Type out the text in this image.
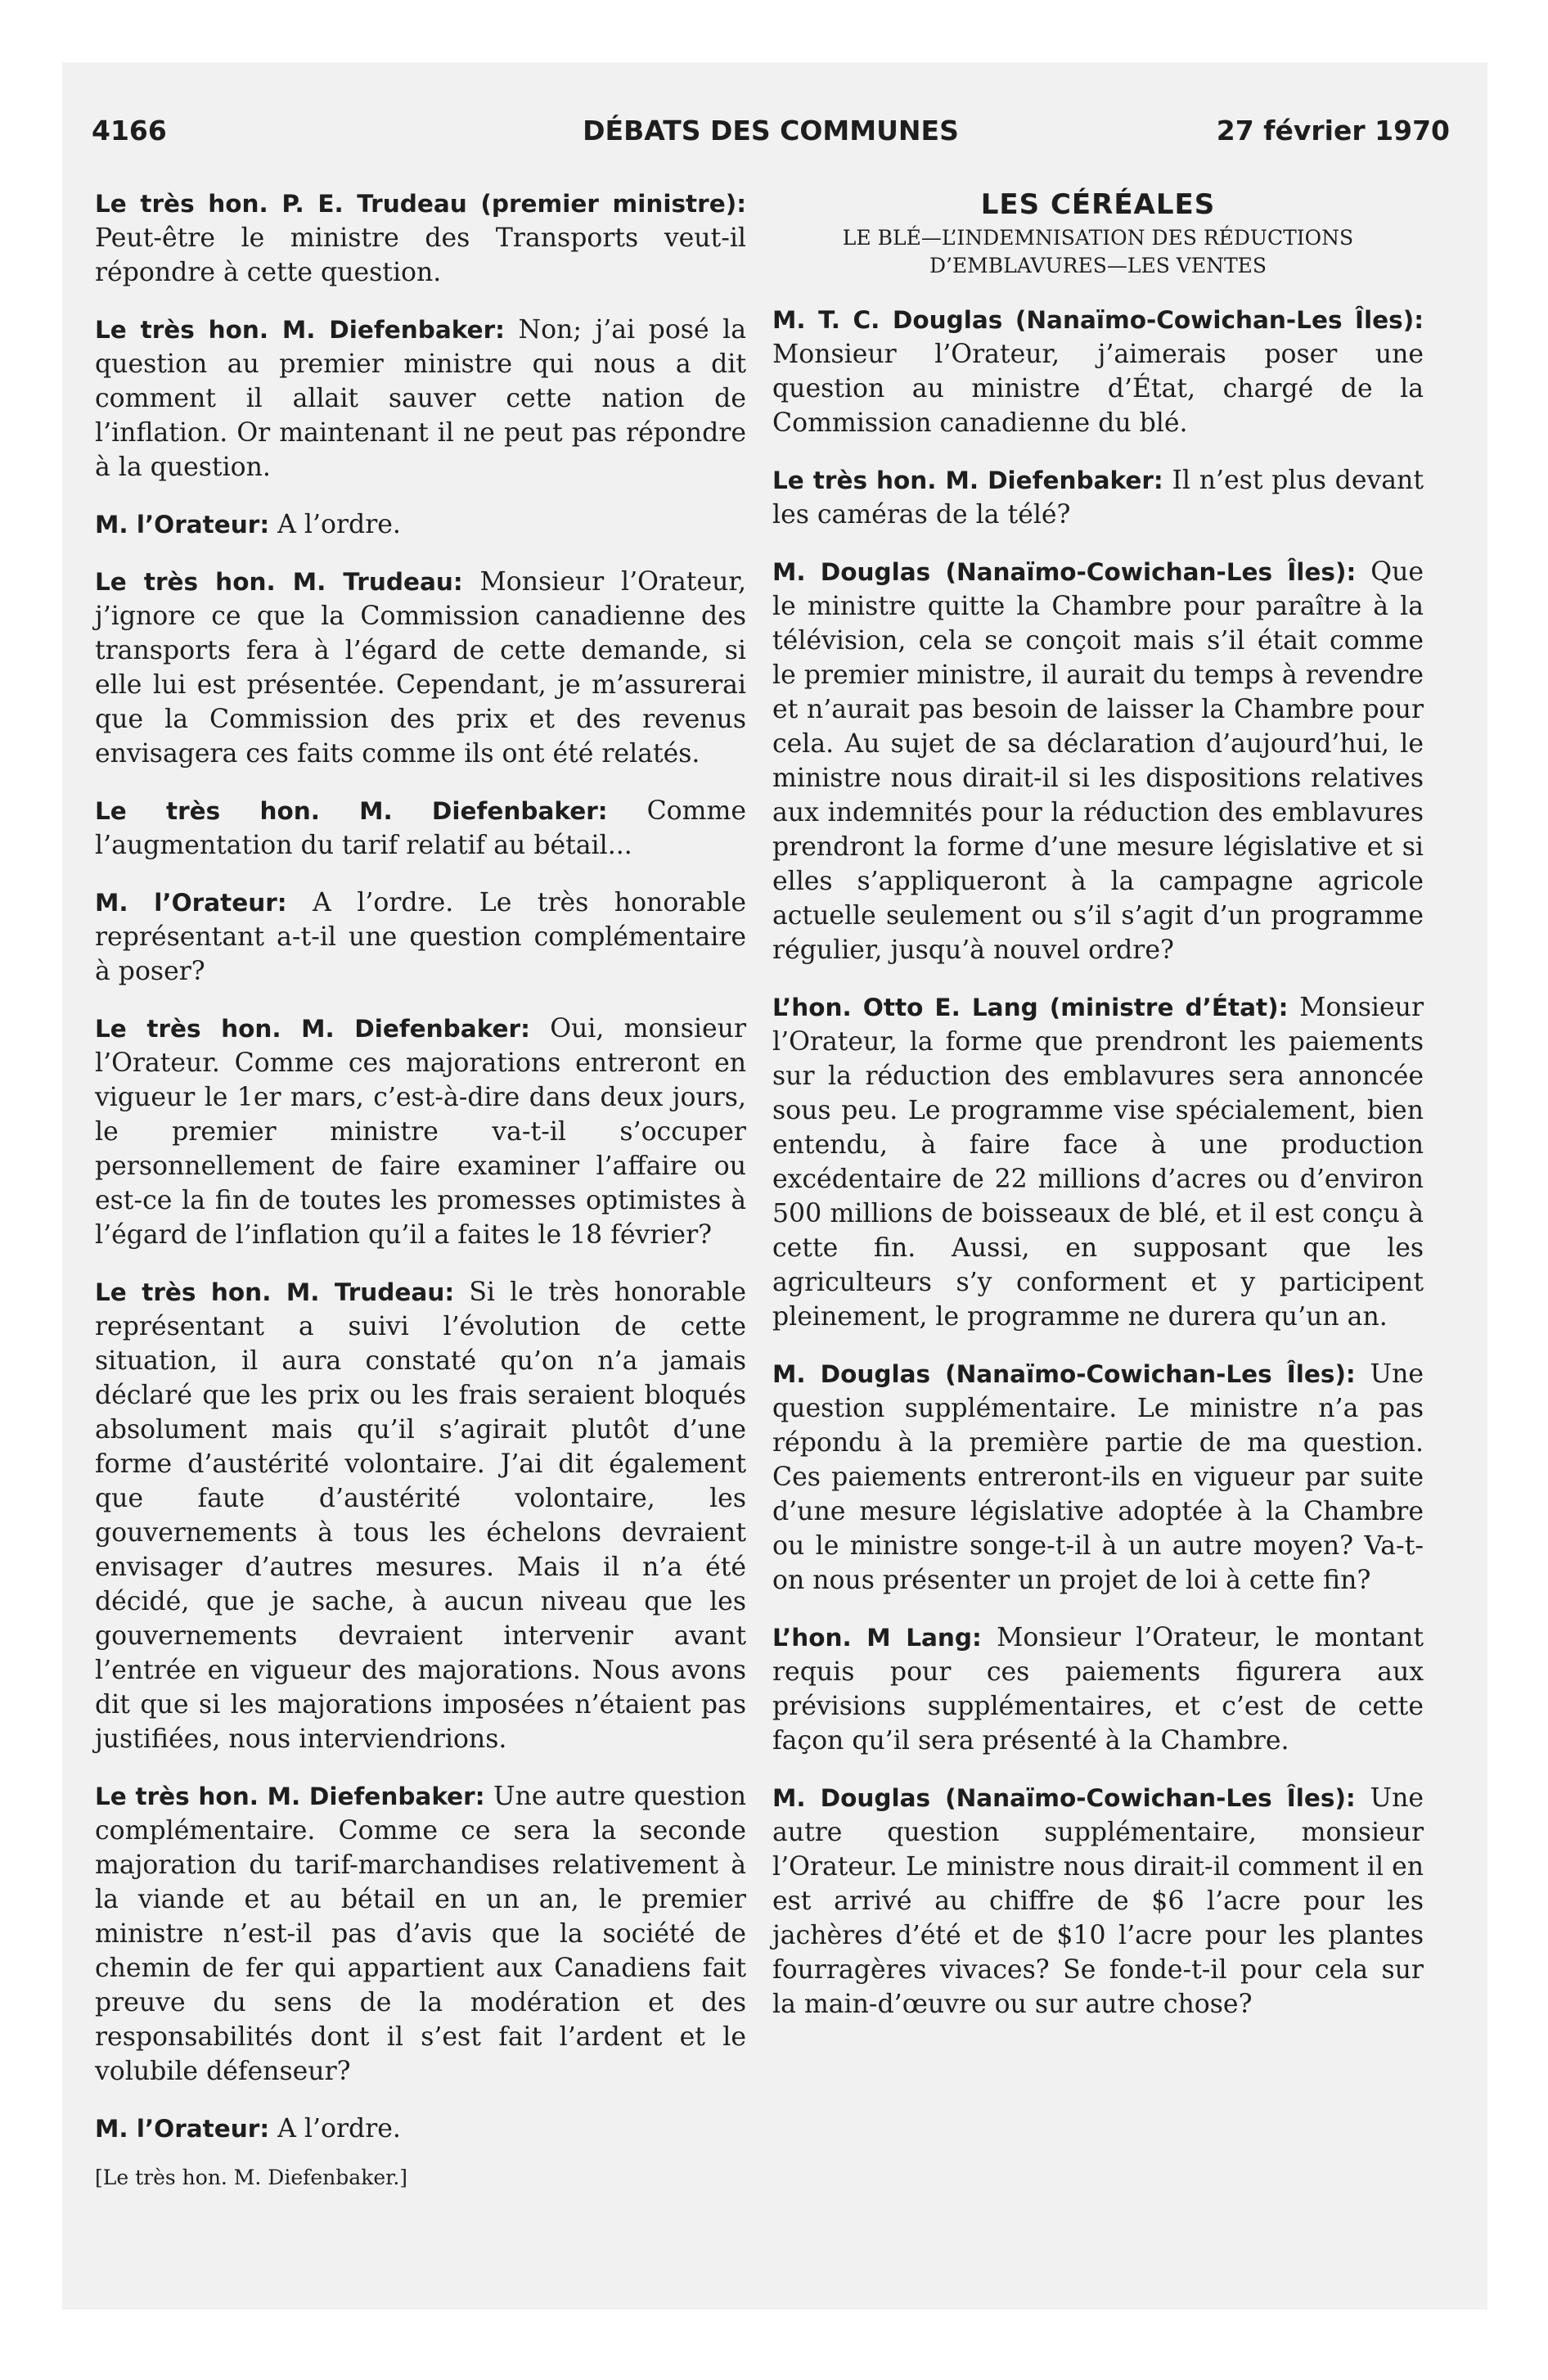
DÉBATS DES COMMUNES
4166	27 février 1970

Le très hon. P. E. Trudeau (premier ministre): Peut-être le ministre des Transports veut-il répondre à cette question.

Le très hon. M. Diefenbaker: Non; j’ai posé la question au premier ministre qui nous a dit comment il allait sauver cette nation de l’inflation. Or maintenant il ne peut pas répondre à la question.

M. l’Orateur: A l’ordre.

Le très hon. M. Trudeau: Monsieur l’Orateur, j’ignore ce que la Commission canadienne des transports fera à l’égard de cette demande, si elle lui est présentée. Cependant, je m’assurerai que la Commission des prix et des revenus envisagera ces faits comme ils ont été relatés.

Le très hon. M. Diefenbaker: Comme l’augmentation du tarif relatif au bétail...

M. l’Orateur: A l’ordre. Le très honorable représentant a-t-il une question complémentaire à poser?

Le très hon. M. Diefenbaker: Oui, monsieur l’Orateur. Comme ces majorations entreront en vigueur le 1er mars, c’est-à-dire dans deux jours, le premier ministre va-t-il s’occuper personnellement de faire examiner l’affaire ou est-ce la fin de toutes les promesses optimistes à l’égard de l’inflation qu’il a faites le 18 février?

Le très hon. M. Trudeau: Si le très honorable représentant a suivi l’évolution de cette situation, il aura constaté qu’on n’a jamais déclaré que les prix ou les frais seraient bloqués absolument mais qu’il s’agirait plutôt d’une forme d’austérité volontaire. J’ai dit également que faute d’austérité volontaire, les gouvernements à tous les échelons devraient envisager d’autres mesures. Mais il n’a été décidé, que je sache, à aucun niveau que les gouvernements devraient intervenir avant l’entrée en vigueur des majorations. Nous avons dit que si les majorations imposées n’étaient pas justifiées, nous interviendrions.

Le très hon. M. Diefenbaker: Une autre question complémentaire. Comme ce sera la seconde majoration du tarif-marchandises relativement à la viande et au bétail en un an, le premier ministre n’est-il pas d’avis que la société de chemin de fer qui appartient aux Canadiens fait preuve du sens de la modération et des responsabilités dont il s’est fait l’ardent et le volubile défenseur?

M. l’Orateur: A l’ordre.

[Le très hon. M. Diefenbaker.]
LES CÉRÉALES
LE BLÉ—L’INDEMNISATION DES RÉDUCTIONS
D’EMBLAVURES—LES VENTES

M. T. C. Douglas (Nanaïmo-Cowichan-Les Îles): Monsieur l’Orateur, j’aimerais poser une question au ministre d’État, chargé de la Commission canadienne du blé.

Le très hon. M. Diefenbaker: Il n’est plus devant les caméras de la télé?

M. Douglas (Nanaïmo-Cowichan-Les Îles): Que le ministre quitte la Chambre pour paraître à la télévision, cela se conçoit mais s’il était comme le premier ministre, il aurait du temps à revendre et n’aurait pas besoin de laisser la Chambre pour cela. Au sujet de sa déclaration d’aujourd’hui, le ministre nous dirait-il si les dispositions relatives aux indemnités pour la réduction des emblavures prendront la forme d’une mesure législative et si elles s’appliqueront à la campagne agricole actuelle seulement ou s’il s’agit d’un programme régulier, jusqu’à nouvel ordre?

L’hon. Otto E. Lang (ministre d’État): Monsieur l’Orateur, la forme que prendront les paiements sur la réduction des emblavures sera annoncée sous peu. Le programme vise spécialement, bien entendu, à faire face à une production excédentaire de 22 millions d’acres ou d’environ 500 millions de boisseaux de blé, et il est conçu à cette fin. Aussi, en supposant que les agriculteurs s’y conforment et y participent pleinement, le programme ne durera qu’un an.

M. Douglas (Nanaïmo-Cowichan-Les Îles): Une question supplémentaire. Le ministre n’a pas répondu à la première partie de ma question. Ces paiements entreront-ils en vigueur par suite d’une mesure législative adoptée à la Chambre ou le ministre songe-t-il à un autre moyen? Va-t-on nous présenter un projet de loi à cette fin?

L’hon. M Lang: Monsieur l’Orateur, le montant requis pour ces paiements figurera aux prévisions supplémentaires, et c’est de cette façon qu’il sera présenté à la Chambre.

M. Douglas (Nanaïmo-Cowichan-Les Îles): Une autre question supplémentaire, monsieur l’Orateur. Le ministre nous dirait-il comment il en est arrivé au chiffre de $6 l’acre pour les jachères d’été et de $10 l’acre pour les plantes fourragères vivaces? Se fonde-t-il pour cela sur la main-d’œuvre ou sur autre chose?
